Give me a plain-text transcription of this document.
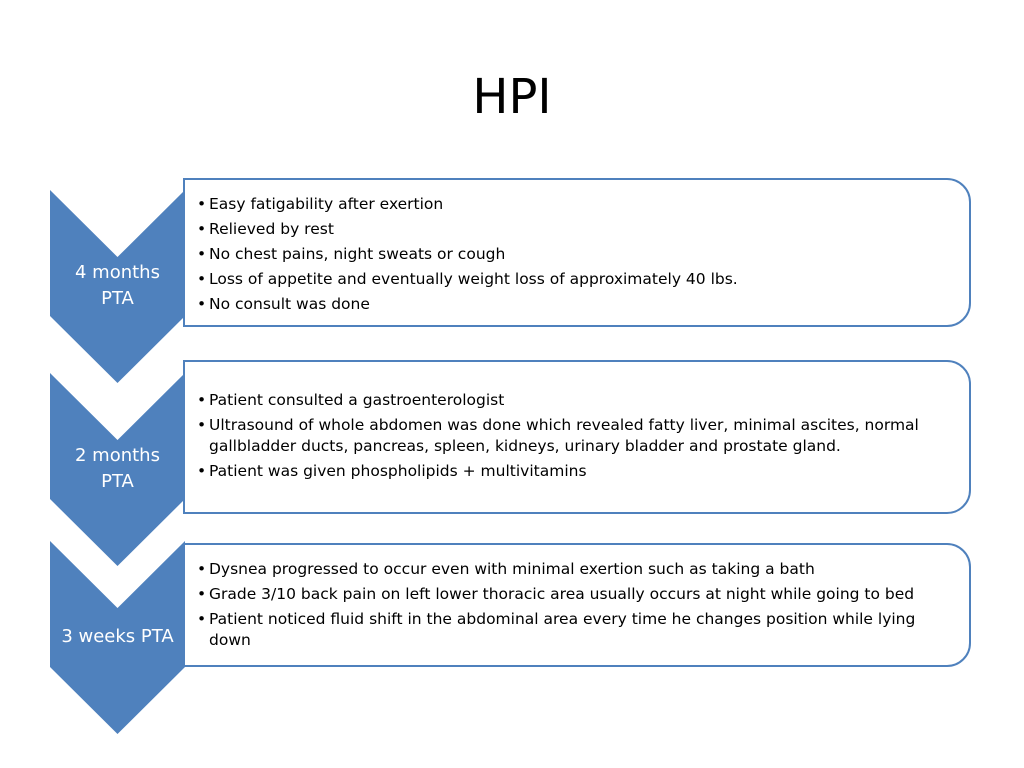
HPI
4 months
PTA
• Easy fatigability after exertion
• Relieved by rest
• No chest pains, night sweats or cough
• Loss of appetite and eventually weight loss of approximately 40 lbs.
• No consult was done
2 months
PTA
• Patient consulted a gastroenterologist
• Ultrasound of whole abdomen was done which revealed fatty liver, minimal ascites, normal gallbladder ducts, pancreas, spleen, kidneys, urinary bladder and prostate gland.
• Patient was given phospholipids + multivitamins
3 weeks PTA
• Dysnea progressed to occur even with minimal exertion such as taking a bath
• Grade 3/10 back pain on left lower thoracic area usually occurs at night while going to bed
• Patient noticed fluid shift in the abdominal area every time he changes position while lying down
